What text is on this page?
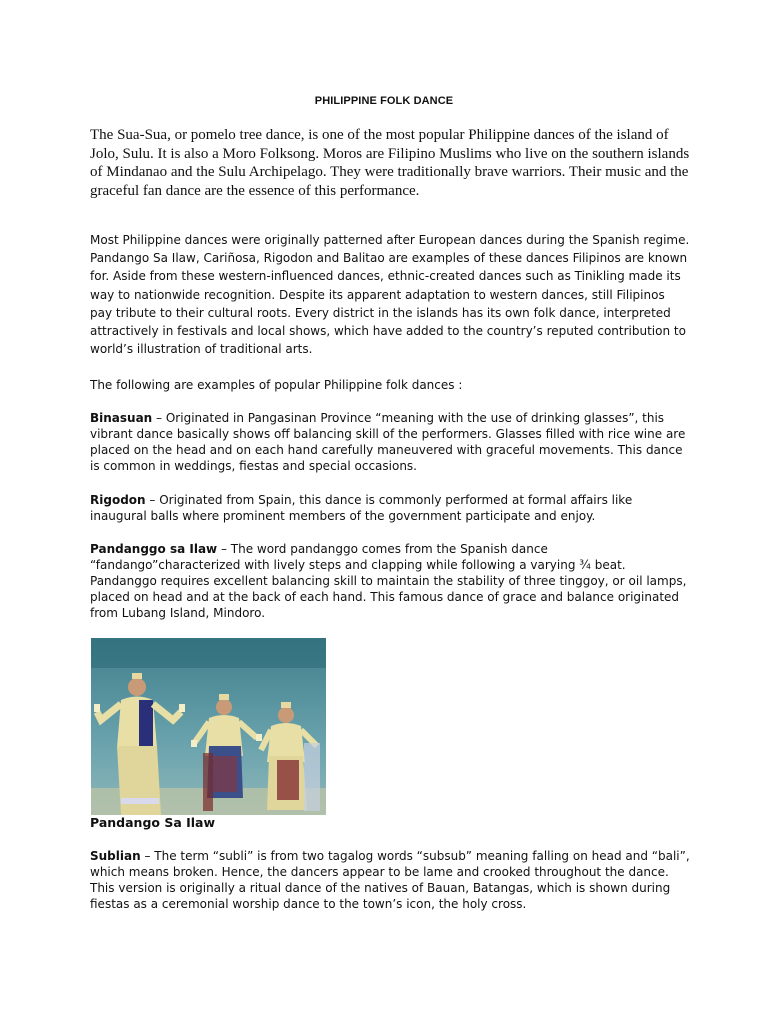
PHILIPPINE FOLK DANCE
The Sua-Sua, or pomelo tree dance, is one of the most popular Philippine dances of the island of Jolo, Sulu. It is also a Moro Folksong. Moros are Filipino Muslims who live on the southern islands of Mindanao and the Sulu Archipelago. They were traditionally brave warriors. Their music and the graceful fan dance are the essence of this performance.

Most Philippine dances were originally patterned after European dances during the Spanish regime. Pandango Sa Ilaw, Cariñosa, Rigodon and Balitao are examples of these dances Filipinos are known for. Aside from these western-influenced dances, ethnic-created dances such as Tinikling made its way to nationwide recognition. Despite its apparent adaptation to western dances, still Filipinos pay tribute to their cultural roots. Every district in the islands has its own folk dance, interpreted attractively in festivals and local shows, which have added to the country’s reputed contribution to world’s illustration of traditional arts.

The following are examples of popular Philippine folk dances :

Binasuan – Originated in Pangasinan Province “meaning with the use of drinking glasses”, this vibrant dance basically shows off balancing skill of the performers. Glasses filled with rice wine are placed on the head and on each hand carefully maneuvered with graceful movements. This dance is common in weddings, fiestas and special occasions.

Rigodon – Originated from Spain, this dance is commonly performed at formal affairs like inaugural balls where prominent members of the government participate and enjoy.

Pandanggo sa Ilaw – The word pandanggo comes from the Spanish dance “fandango”characterized with lively steps and clapping while following a varying ¾ beat. Pandanggo requires excellent balancing skill to maintain the stability of three tinggoy, or oil lamps, placed on head and at the back of each hand. This famous dance of grace and balance originated from Lubang Island, Mindoro.

Pandango Sa Ilaw

Sublian – The term “subli” is from two tagalog words “subsub” meaning falling on head and “bali”, which means broken. Hence, the dancers appear to be lame and crooked throughout the dance. This version is originally a ritual dance of the natives of Bauan, Batangas, which is shown during fiestas as a ceremonial worship dance to the town’s icon, the holy cross.
